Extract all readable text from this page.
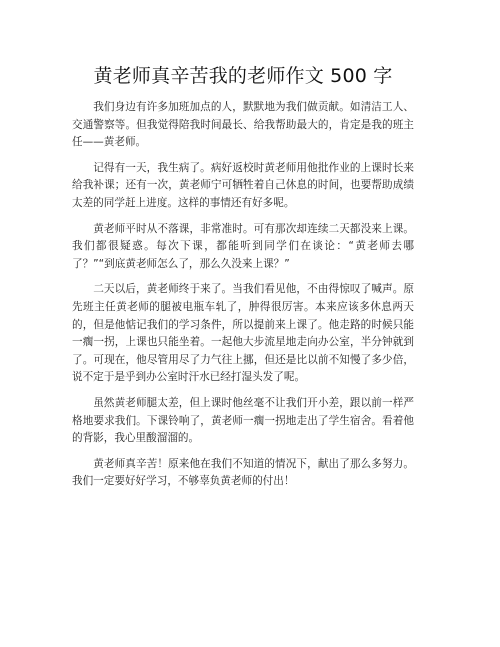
黄老师真辛苦我的老师作文 500 字

我们身边有许多加班加点的人，默默地为我们做贡献。如清洁工人、交通警察等。但我觉得陪我时间最长、给我帮助最大的，肯定是我的班主任——黄老师。

记得有一天，我生病了。病好返校时黄老师用他批作业的上课时长来给我补课；还有一次，黄老师宁可牺牲着自己休息的时间，也要帮助成绩太差的同学赶上进度。这样的事情还有好多呢。

黄老师平时从不落课，非常准时。可有那次却连续二天都没来上课。我们都很疑惑。每次下课，都能听到同学们在谈论：“黄老师去哪了？”“到底黄老师怎么了，那么久没来上课？”

二天以后，黄老师终于来了。当我们看见他，不由得惊叹了喊声。原先班主任黄老师的腿被电瓶车轧了，肿得很厉害。本来应该多休息两天的，但是他惦记我们的学习条件，所以提前来上课了。他走路的时候只能一瘸一拐，上课也只能坐着。一起他大步流星地走向办公室，半分钟就到了。可现在，他尽管用尽了力气往上挪，但还是比以前不知慢了多少倍，说不定于是乎到办公室时汗水已经打湿头发了呢。

虽然黄老师腿太差，但上课时他丝毫不让我们开小差，跟以前一样严格地要求我们。下课铃响了，黄老师一瘸一拐地走出了学生宿舍。看着他的背影，我心里酸溜溜的。

黄老师真辛苦！原来他在我们不知道的情况下，献出了那么多努力。我们一定要好好学习，不够辜负黄老师的付出！
